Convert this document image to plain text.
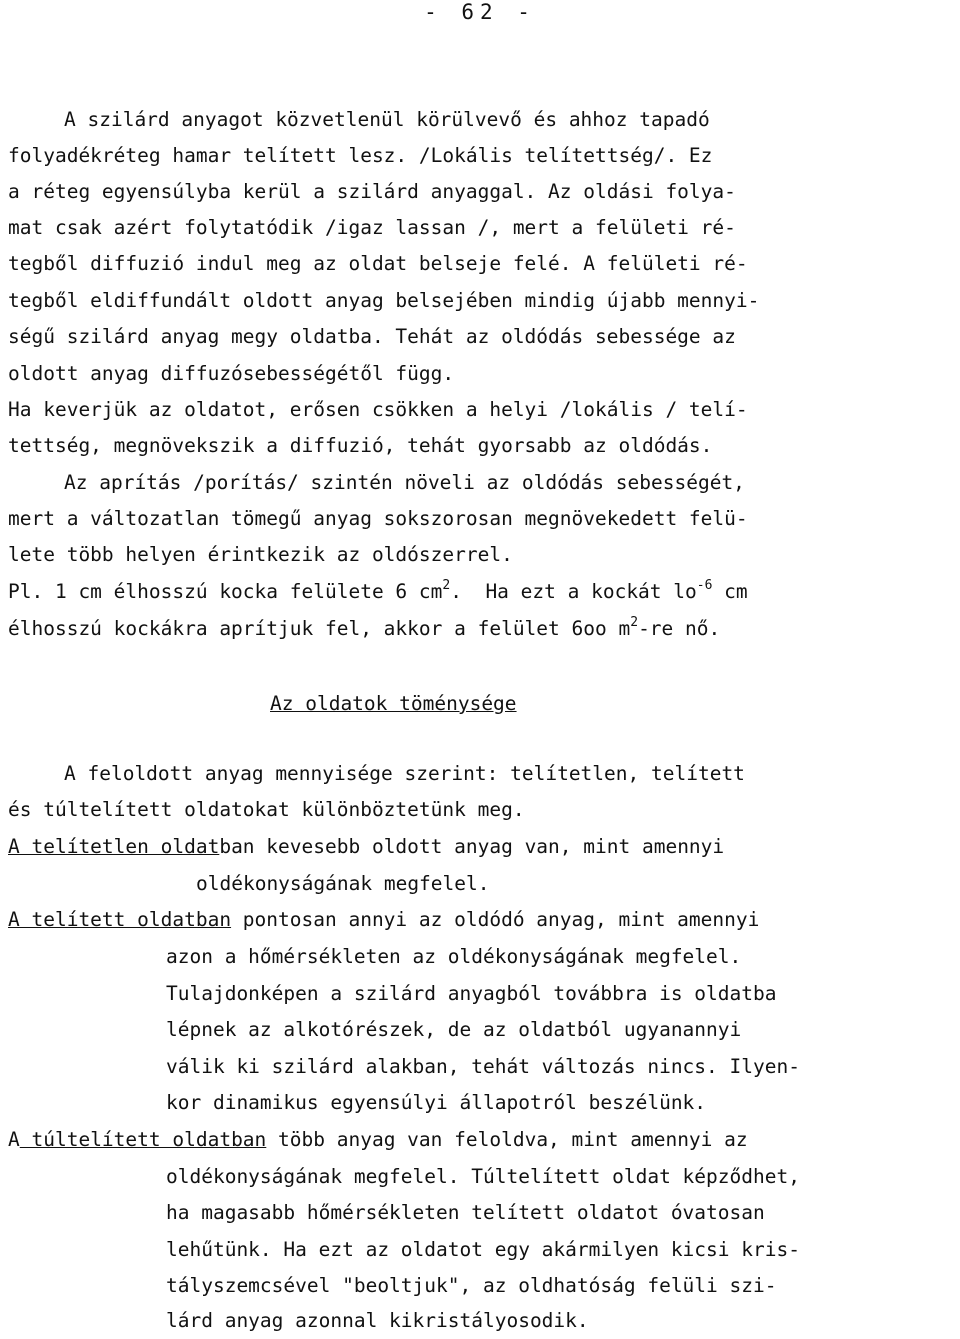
- 62 -
A szilárd anyagot közvetlenül körülvevő és ahhoz tapadó
folyadékréteg hamar telített lesz. /Lokális telítettség/. Ez
a réteg egyensúlyba kerül a szilárd anyaggal. Az oldási folya-
mat csak azért folytatódik /igaz lassan /, mert a felületi ré-
tegből diffuzió indul meg az oldat belseje felé. A felületi ré-
tegből eldiffundált oldott anyag belsejében mindig újabb mennyi-
ségű szilárd anyag megy oldatba. Tehát az oldódás sebessége az
oldott anyag diffuzósebességétől függ.
Ha keverjük az oldatot, erősen csökken a helyi /lokális / telí-
tettség, megnövekszik a diffuzió, tehát gyorsabb az oldódás.
Az aprítás /porítás/ szintén növeli az oldódás sebességét,
mert a változatlan tömegű anyag sokszorosan megnövekedett felü-
lete több helyen érintkezik az oldószerrel.
Pl. 1 cm élhosszú kocka felülete 6 $cm^2$.  Ha ezt a kockát $lo^{-6}$ cm
élhosszú kockákra aprítjuk fel, akkor a felület 6oo $m^2-re$ nő.
Az oldatok töménysége
A feloldott anyag mennyisége szerint: telítetlen, telített
és túltelített oldatokat különböztetünk meg.
A telítetlen oldatban kevesebb oldott anyag van, mint amennyi
oldékonyságának megfelel.
A telített oldatban pontosan annyi az oldódó anyag, mint amennyi
azon a hőmérsékleten az oldékonyságának megfelel.
Tulajdonképen a szilárd anyagból továbbra is oldatba
lépnek az alkotórészek, de az oldatból ugyanannyi
válik ki szilárd alakban, tehát változás nincs. Ilyen-
kor dinamikus egyensúlyi állapotról beszélünk.
A túltelített oldatban több anyag van feloldva, mint amennyi az
oldékonyságának megfelel. Túltelített oldat képződhet,
ha magasabb hőmérsékleten telített oldatot óvatosan
lehűtünk. Ha ezt az oldatot egy akármilyen kicsi kris-
tályszemcsével "beoltjuk", az oldhatóság felüli szi-
lárd anyag azonnal kikristályosodik.
